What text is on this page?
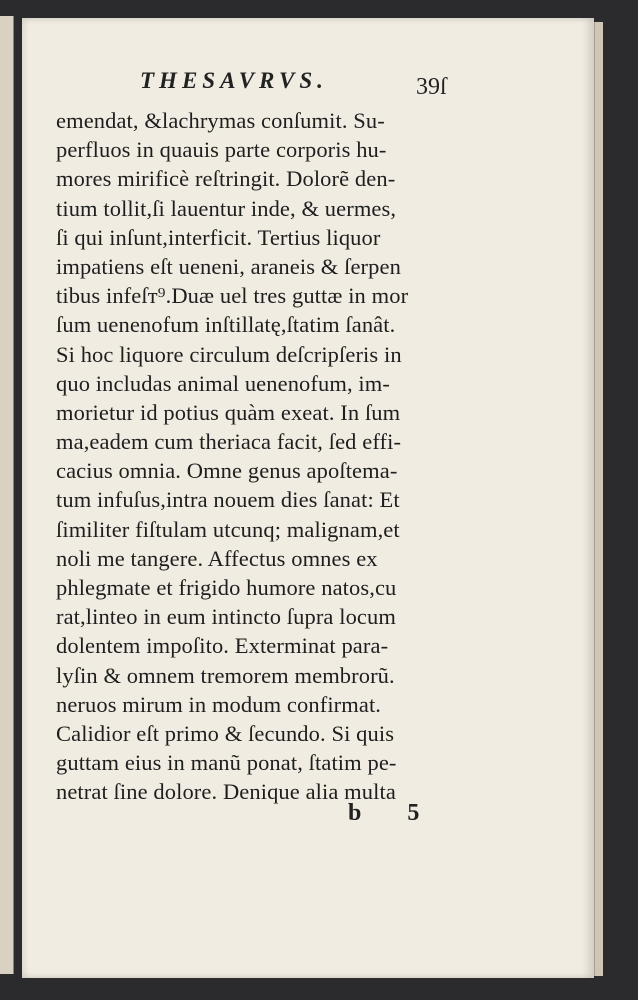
THESAVRVS.	39ſ
emendat, &lachrymas conſumit. Su-
perfluos in quauis parte corporis hu-
mores mirificè reſtringit. Dolorẽ den-
tium tollit,ſi lauentur inde, & uermes,
ſi qui inſunt,interficit. Tertius liquor
impatiens eſt ueneni, araneis & ſerpen
tibus infeſт⁹.Duæ uel tres guttæ in mor
ſum uenenofum inſtillatę,ſtatim ſanât.
Si hoc liquore circulum deſcripſeris in
quo includas animal uenenofum, im-
morietur id potius quàm exeat. In ſum
ma,eadem cum theriaca facit, ſed effi-
cacius omnia. Omne genus apoſtema-
tum infuſus,intra nouem dies ſanat: Et
ſimiliter fiſtulam utcunq; malignam,et
noli me tangere. Affectus omnes ex
phlegmate et frigido humore natos,cu
rat,linteo in eum intincto ſupra locum
dolentem impoſito. Exterminat para-
lyſin & omnem tremorem membrorũ.
neruos mirum in modum confirmat.
Calidior eſt primo & ſecundo. Si quis
guttam eius in manũ ponat, ſtatim pe-
netrat ſine dolore. Denique alia multa
b 5
